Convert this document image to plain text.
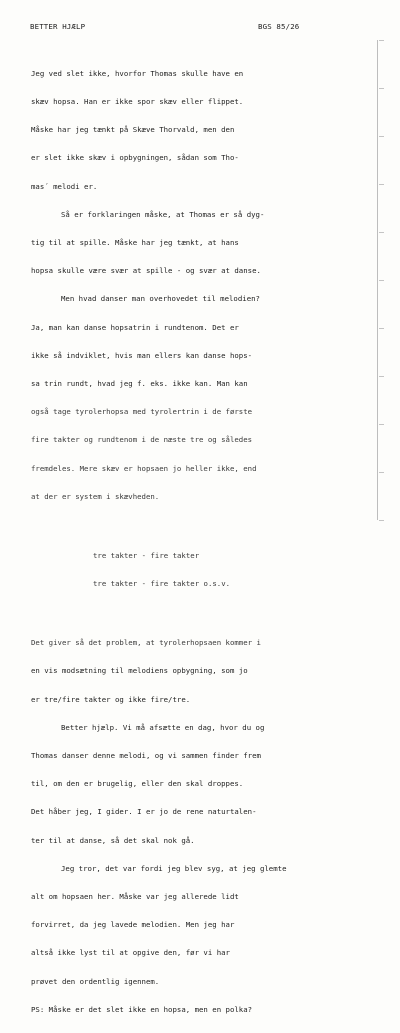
BETTER HJÆLP	BGS 85/26

Jeg ved slet ikke, hvorfor Thomas skulle have en

skæv hopsa. Han er ikke spor skæv eller flippet.

Måske har jeg tænkt på Skæve Thorvald, men den

er slet ikke skæv i opbygningen, sådan som Tho-

mas´ melodi er.

Så er forklaringen måske, at Thomas er så dyg-

tig til at spille. Måske har jeg tænkt, at hans

hopsa skulle være svær at spille - og svær at danse.

Men hvad danser man overhovedet til melodien?

Ja, man kan danse hopsatrin i rundtenom. Det er

ikke så indviklet, hvis man ellers kan danse hops-

sa trin rundt, hvad jeg f. eks. ikke kan. Man kan

også tage tyrolerhopsa med tyrolertrin i de første

fire takter og rundtenom i de næste tre og således

fremdeles. Mere skæv er hopsaen jo heller ikke, end

at der er system i skævheden.

tre takter - fire takter

tre takter - fire takter o.s.v.

Det giver så det problem, at tyrolerhopsaen kommer i

en vis modsætning til melodiens opbygning, som jo

er tre/fire takter og ikke fire/tre.

Better hjælp. Vi må afsætte en dag, hvor du og

Thomas danser denne melodi, og vi sammen finder frem

til, om den er brugelig, eller den skal droppes.

Det håber jeg, I gider. I er jo de rene naturtalen-

ter til at danse, så det skal nok gå.

Jeg tror, det var fordi jeg blev syg, at jeg glemte

alt om hopsaen her. Måske var jeg allerede lidt

forvirret, da jeg lavede melodien. Men jeg har

altså ikke lyst til at opgive den, før vi har

prøvet den ordentlig igennem.

PS: Måske er det slet ikke en hopsa, men en polka?
